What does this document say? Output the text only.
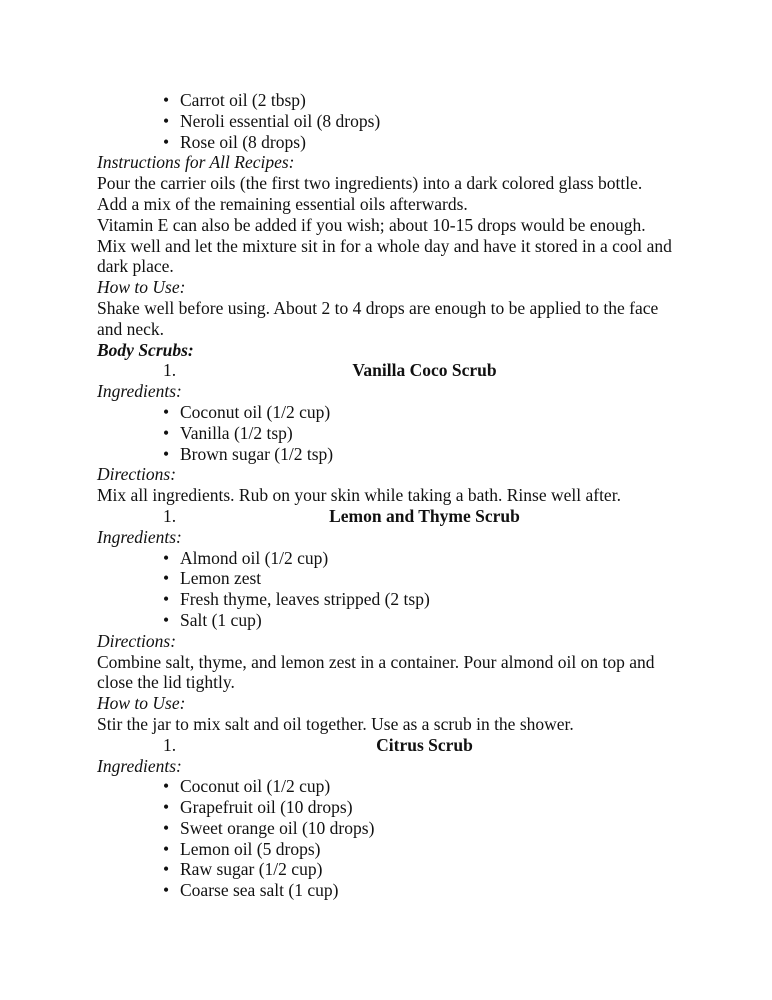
• Carrot oil (2 tbsp)
• Neroli essential oil (8 drops)
• Rose oil (8 drops)
Instructions for All Recipes:
Pour the carrier oils (the first two ingredients) into a dark colored glass bottle.
Add a mix of the remaining essential oils afterwards.
Vitamin E can also be added if you wish; about 10-15 drops would be enough.
Mix well and let the mixture sit in for a whole day and have it stored in a cool and dark place.
How to Use:
Shake well before using. About 2 to 4 drops are enough to be applied to the face and neck.
Body Scrubs:
1.	Vanilla Coco Scrub
Ingredients:
• Coconut oil (1/2 cup)
• Vanilla (1/2 tsp)
• Brown sugar (1/2 tsp)
Directions:
Mix all ingredients. Rub on your skin while taking a bath. Rinse well after.
1.	Lemon and Thyme Scrub
Ingredients:
• Almond oil (1/2 cup)
• Lemon zest
• Fresh thyme, leaves stripped (2 tsp)
• Salt (1 cup)
Directions:
Combine salt, thyme, and lemon zest in a container. Pour almond oil on top and close the lid tightly.
How to Use:
Stir the jar to mix salt and oil together. Use as a scrub in the shower.
1.	Citrus Scrub
Ingredients:
• Coconut oil (1/2 cup)
• Grapefruit oil (10 drops)
• Sweet orange oil (10 drops)
• Lemon oil (5 drops)
• Raw sugar (1/2 cup)
• Coarse sea salt (1 cup)
